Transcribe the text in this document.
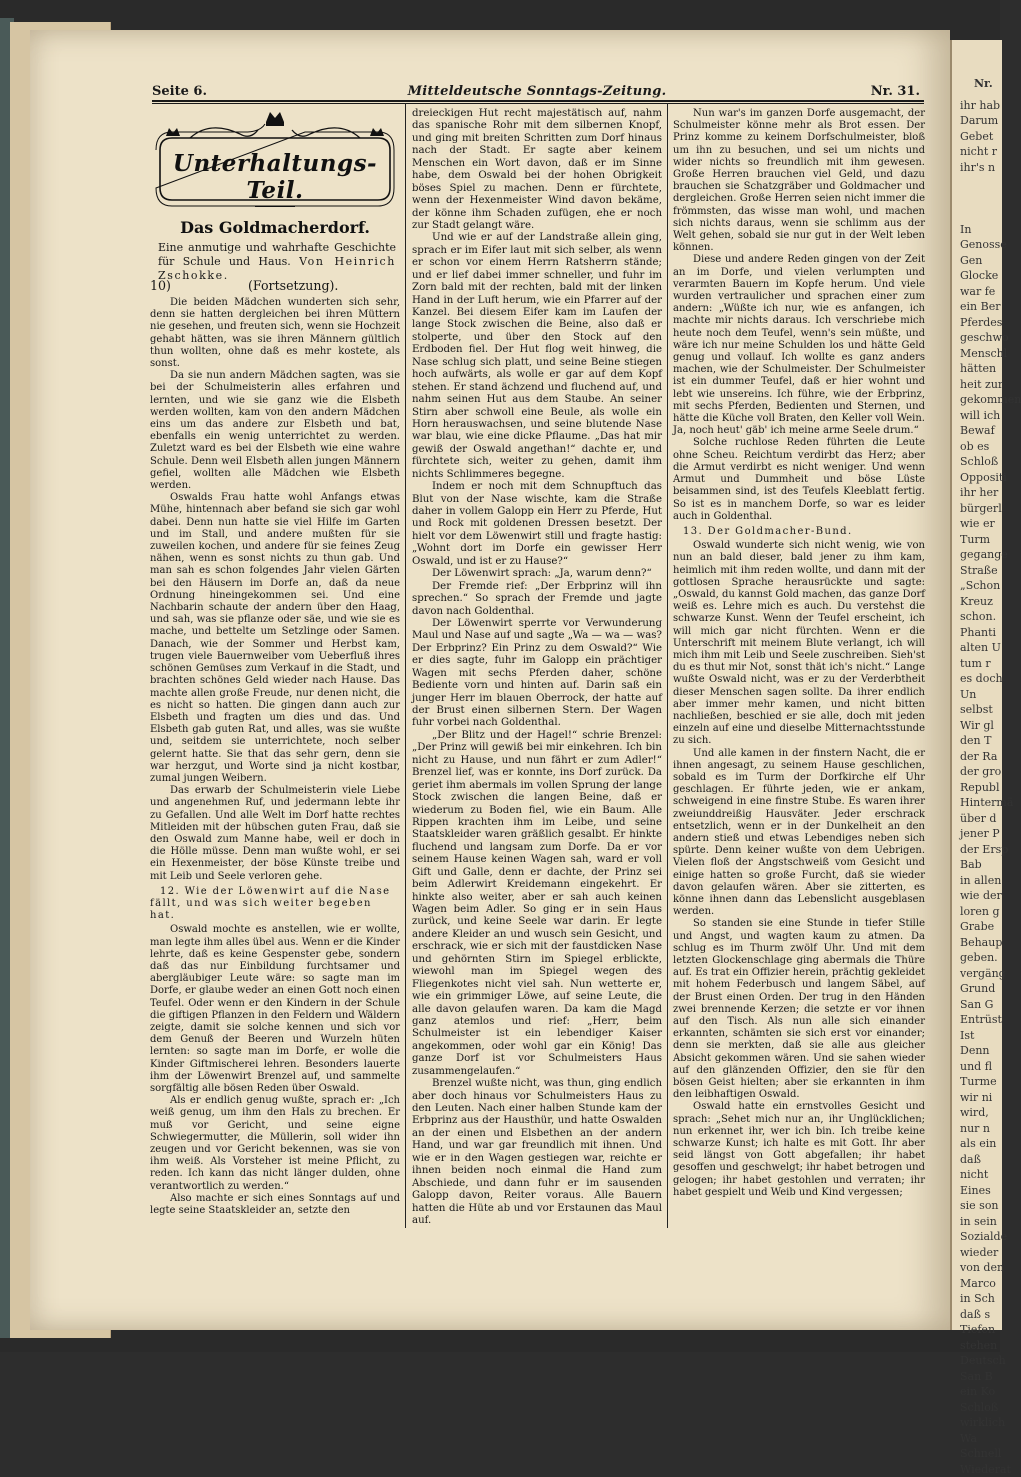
Nr.
ihr hab
Darum
Gebet
nicht r
ihr's n

In
Genosse
Gen
Glocke
war fe
ein Ber
Pferdes
geschwo
Menschl
hätten
heit zur
gekommen
will ich
Bewaf
ob es
Schloß
Oppositi
ihr her
bürgerl
wie er
Turm
gegange
Straße
„Schon
Kreuz
schon.
Phanti
alten U
tum r
es doch
Un
selbst
Wir gl
den T
der Ra
der gro
Republ
Hintermä
über d
jener P
der Ersp
Bab
in allen
wie der
loren g
Grabe
Behaup
geben.
vergäng
Grund
San G
Entrüst
Ist
Denn
und fl
Turme
wir ni
wird,
nur n
als ein
daß
nicht
Eines
sie son
in sein
Sozialde
wieder
von den
Marco
in Sch
daß s
Tiefen
stehen
Deutsch
San B
ein Ko
Schloß
wirklich
Wa
Schnell
Wiederat
Seite 6.	Mitteldeutsche Sonntags-Zeitung.	Nr. 31.
Unterhaltungs-Teil.
Das Goldmacherdorf.
Eine anmutige und wahrhafte Geschichte für Schule und Haus. Von Heinrich Zschokke.
10)	(Fortsetzung).

Die beiden Mädchen wunderten sich sehr, denn sie hatten dergleichen bei ihren Müttern nie gesehen, und freuten sich, wenn sie Hochzeit gehabt hätten, was sie ihren Männern gültlich thun wollten, ohne daß es mehr kostete, als sonst.

Da sie nun andern Mädchen sagten, was sie bei der Schulmeisterin alles erfahren und lernten, und wie sie ganz wie die Elsbeth werden wollten, kam von den andern Mädchen eins um das andere zur Elsbeth und bat, ebenfalls ein wenig unterrichtet zu werden. Zuletzt ward es bei der Elsbeth wie eine wahre Schule. Denn weil Elsbeth allen jungen Männern gefiel, wollten alle Mädchen wie Elsbeth werden.

Oswalds Frau hatte wohl Anfangs etwas Mühe, hintennach aber befand sie sich gar wohl dabei. Denn nun hatte sie viel Hilfe im Garten und im Stall, und andere mußten für sie zuweilen kochen, und andere für sie feines Zeug nähen, wenn es sonst nichts zu thun gab. Und man sah es schon folgendes Jahr vielen Gärten bei den Häusern im Dorfe an, daß da neue Ordnung hineingekommen sei. Und eine Nachbarin schaute der andern über den Haag, und sah, was sie pflanze oder säe, und wie sie es mache, und bettelte um Setzlinge oder Samen. Danach, wie der Sommer und Herbst kam, trugen viele Bauernweiber vom Ueberfluß ihres schönen Gemüses zum Verkauf in die Stadt, und brachten schönes Geld wieder nach Hause. Das machte allen große Freude, nur denen nicht, die es nicht so hatten. Die gingen dann auch zur Elsbeth und fragten um dies und das. Und Elsbeth gab guten Rat, und alles, was sie wußte und, seitdem sie unterrichtete, noch selber gelernt hatte. Sie that das sehr gern, denn sie war herzgut, und Worte sind ja nicht kostbar, zumal jungen Weibern.

Das erwarb der Schulmeisterin viele Liebe und angenehmen Ruf, und jedermann lebte ihr zu Gefallen. Und alle Welt im Dorf hatte rechtes Mitleiden mit der hübschen guten Frau, daß sie den Oswald zum Manne habe, weil er doch in die Hölle müsse. Denn man wußte wohl, er sei ein Hexenmeister, der böse Künste treibe und mit Leib und Seele verloren gehe.

12. Wie der Löwenwirt auf die Nase fällt, und was sich weiter begeben hat.

Oswald mochte es anstellen, wie er wollte, man legte ihm alles übel aus. Wenn er die Kinder lehrte, daß es keine Gespenster gebe, sondern daß das nur Einbildung furchtsamer und abergläubiger Leute wäre: so sagte man im Dorfe, er glaube weder an einen Gott noch einen Teufel. Oder wenn er den Kindern in der Schule die giftigen Pflanzen in den Feldern und Wäldern zeigte, damit sie solche kennen und sich vor dem Genuß der Beeren und Wurzeln hüten lernten: so sagte man im Dorfe, er wolle die Kinder Giftmischerei lehren. Besonders lauerte ihm der Löwenwirt Brenzel auf, und sammelte sorgfältig alle bösen Reden über Oswald.

Als er endlich genug wußte, sprach er: „Ich weiß genug, um ihm den Hals zu brechen. Er muß vor Gericht, und seine eigne Schwiegermutter, die Müllerin, soll wider ihn zeugen und vor Gericht bekennen, was sie von ihm weiß. Als Vorsteher ist meine Pflicht, zu reden. Ich kann das nicht länger dulden, ohne verantwortlich zu werden.“

Also machte er sich eines Sonntags auf und legte seine Staatskleider an, setzte den

dreieckigen Hut recht majestätisch auf, nahm das spanische Rohr mit dem silbernen Knopf, und ging mit breiten Schritten zum Dorf hinaus nach der Stadt. Er sagte aber keinem Menschen ein Wort davon, daß er im Sinne habe, dem Oswald bei der hohen Obrigkeit böses Spiel zu machen. Denn er fürchtete, wenn der Hexenmeister Wind davon bekäme, der könne ihm Schaden zufügen, ehe er noch zur Stadt gelangt wäre.

Und wie er auf der Landstraße allein ging, sprach er im Eifer laut mit sich selber, als wenn er schon vor einem Herrn Ratsherrn stände; und er lief dabei immer schneller, und fuhr im Zorn bald mit der rechten, bald mit der linken Hand in der Luft herum, wie ein Pfarrer auf der Kanzel. Bei diesem Eifer kam im Laufen der lange Stock zwischen die Beine, also daß er stolperte, und über den Stock auf den Erdboden fiel. Der Hut flog weit hinweg, die Nase schlug sich platt, und seine Beine stiegen hoch aufwärts, als wolle er gar auf dem Kopf stehen. Er stand ächzend und fluchend auf, und nahm seinen Hut aus dem Staube. An seiner Stirn aber schwoll eine Beule, als wolle ein Horn herauswachsen, und seine blutende Nase war blau, wie eine dicke Pflaume. „Das hat mir gewiß der Oswald angethan!“ dachte er, und fürchtete sich, weiter zu gehen, damit ihm nichts Schlimmeres begegne.

Indem er noch mit dem Schnupftuch das Blut von der Nase wischte, kam die Straße daher in vollem Galopp ein Herr zu Pferde, Hut und Rock mit goldenen Dressen besetzt. Der hielt vor dem Löwenwirt still und fragte hastig: „Wohnt dort im Dorfe ein gewisser Herr Oswald, und ist er zu Hause?“

Der Löwenwirt sprach: „Ja, warum denn?“

Der Fremde rief: „Der Erbprinz will ihn sprechen.“ So sprach der Fremde und jagte davon nach Goldenthal.

Der Löwenwirt sperrte vor Verwunderung Maul und Nase auf und sagte „Wa — wa — was? Der Erbprinz? Ein Prinz zu dem Oswald?“ Wie er dies sagte, fuhr im Galopp ein prächtiger Wagen mit sechs Pferden daher, schöne Bediente vorn und hinten auf. Darin saß ein junger Herr im blauen Oberrock, der hatte auf der Brust einen silbernen Stern. Der Wagen fuhr vorbei nach Goldenthal.

„Der Blitz und der Hagel!“ schrie Brenzel: „Der Prinz will gewiß bei mir einkehren. Ich bin nicht zu Hause, und nun fährt er zum Adler!“ Brenzel lief, was er konnte, ins Dorf zurück. Da geriet ihm abermals im vollen Sprung der lange Stock zwischen die langen Beine, daß er wiederum zu Boden fiel, wie ein Baum. Alle Rippen krachten ihm im Leibe, und seine Staatskleider waren gräßlich gesalbt. Er hinkte fluchend und langsam zum Dorfe. Da er vor seinem Hause keinen Wagen sah, ward er voll Gift und Galle, denn er dachte, der Prinz sei beim Adlerwirt Kreidemann eingekehrt. Er hinkte also weiter, aber er sah auch keinen Wagen beim Adler. So ging er in sein Haus zurück, und keine Seele war darin. Er legte andere Kleider an und wusch sein Gesicht, und erschrack, wie er sich mit der faustdicken Nase und gehörnten Stirn im Spiegel erblickte, wiewohl man im Spiegel wegen des Fliegenkotes nicht viel sah. Nun wetterte er, wie ein grimmiger Löwe, auf seine Leute, die alle davon gelaufen waren. Da kam die Magd ganz atemlos und rief: „Herr, beim Schulmeister ist ein lebendiger Kaiser angekommen, oder wohl gar ein König! Das ganze Dorf ist vor Schulmeisters Haus zusammengelaufen.“

Brenzel wußte nicht, was thun, ging endlich aber doch hinaus vor Schulmeisters Haus zu den Leuten. Nach einer halben Stunde kam der Erbprinz aus der Hausthür, und hatte Oswalden an der einen und Elsbethen an der andern Hand, und war gar freundlich mit ihnen. Und wie er in den Wagen gestiegen war, reichte er ihnen beiden noch einmal die Hand zum Abschiede, und dann fuhr er im sausenden Galopp davon, Reiter voraus. Alle Bauern hatten die Hüte ab und vor Erstaunen das Maul auf.

Nun war's im ganzen Dorfe ausgemacht, der Schulmeister könne mehr als Brot essen. Der Prinz komme zu keinem Dorfschulmeister, bloß um ihn zu besuchen, und sei um nichts und wider nichts so freundlich mit ihm gewesen. Große Herren brauchen viel Geld, und dazu brauchen sie Schatzgräber und Goldmacher und dergleichen. Große Herren seien nicht immer die frömmsten, das wisse man wohl, und machen sich nichts daraus, wenn sie schlimm aus der Welt gehen, sobald sie nur gut in der Welt leben können.

Diese und andere Reden gingen von der Zeit an im Dorfe, und vielen verlumpten und verarmten Bauern im Kopfe herum. Und viele wurden vertraulicher und sprachen einer zum andern: „Wüßte ich nur, wie es anfangen, ich machte mir nichts daraus. Ich verschriebe mich heute noch dem Teufel, wenn's sein müßte, und wäre ich nur meine Schulden los und hätte Geld genug und vollauf. Ich wollte es ganz anders machen, wie der Schulmeister. Der Schulmeister ist ein dummer Teufel, daß er hier wohnt und lebt wie unsereins. Ich führe, wie der Erbprinz, mit sechs Pferden, Bedienten und Sternen, und hätte die Küche voll Braten, den Keller voll Wein. Ja, noch heut' gäb' ich meine arme Seele drum.“

Solche ruchlose Reden führten die Leute ohne Scheu. Reichtum verdirbt das Herz; aber die Armut verdirbt es nicht weniger. Und wenn Armut und Dummheit und böse Lüste beisammen sind, ist des Teufels Kleeblatt fertig. So ist es in manchem Dorfe, so war es leider auch in Goldenthal.

13. Der Goldmacher-Bund.

Oswald wunderte sich nicht wenig, wie von nun an bald dieser, bald jener zu ihm kam, heimlich mit ihm reden wollte, und dann mit der gottlosen Sprache herausrückte und sagte: „Oswald, du kannst Gold machen, das ganze Dorf weiß es. Lehre mich es auch. Du verstehst die schwarze Kunst. Wenn der Teufel erscheint, ich will mich gar nicht fürchten. Wenn er die Unterschrift mit meinem Blute verlangt, ich will mich ihm mit Leib und Seele zuschreiben. Sieh'st du es thut mir Not, sonst thät ich's nicht.“ Lange wußte Oswald nicht, was er zu der Verderbtheit dieser Menschen sagen sollte. Da ihrer endlich aber immer mehr kamen, und nicht bitten nachließen, beschied er sie alle, doch mit jeden einzeln auf eine und dieselbe Mitternachtsstunde zu sich.

Und alle kamen in der finstern Nacht, die er ihnen angesagt, zu seinem Hause geschlichen, sobald es im Turm der Dorfkirche elf Uhr geschlagen. Er führte jeden, wie er ankam, schweigend in eine finstre Stube. Es waren ihrer zweiunddreißig Hausväter. Jeder erschrack entsetzlich, wenn er in der Dunkelheit an den andern stieß und etwas Lebendiges neben sich spürte. Denn keiner wußte von dem Uebrigen. Vielen floß der Angstschweiß vom Gesicht und einige hatten so große Furcht, daß sie wieder davon gelaufen wären. Aber sie zitterten, es könne ihnen dann das Lebenslicht ausgeblasen werden.

So standen sie eine Stunde in tiefer Stille und Angst, und wagten kaum zu atmen. Da schlug es im Thurm zwölf Uhr. Und mit dem letzten Glockenschlage ging abermals die Thüre auf. Es trat ein Offizier herein, prächtig gekleidet mit hohem Federbusch und langem Säbel, auf der Brust einen Orden. Der trug in den Händen zwei brennende Kerzen; die setzte er vor ihnen auf den Tisch. Als nun alle sich einander erkannten, schämten sie sich erst vor einander; denn sie merkten, daß sie alle aus gleicher Absicht gekommen wären. Und sie sahen wieder auf den glänzenden Offizier, den sie für den bösen Geist hielten; aber sie erkannten in ihm den leibhaftigen Oswald.

Oswald hatte ein ernstvolles Gesicht und sprach: „Sehet mich nur an, ihr Unglücklichen; nun erkennet ihr, wer ich bin. Ich treibe keine schwarze Kunst; ich halte es mit Gott. Ihr aber seid längst von Gott abgefallen; ihr habet gesoffen und geschwelgt; ihr habet betrogen und gelogen; ihr habet gestohlen und verraten; ihr habet gespielt und Weib und Kind vergessen;
